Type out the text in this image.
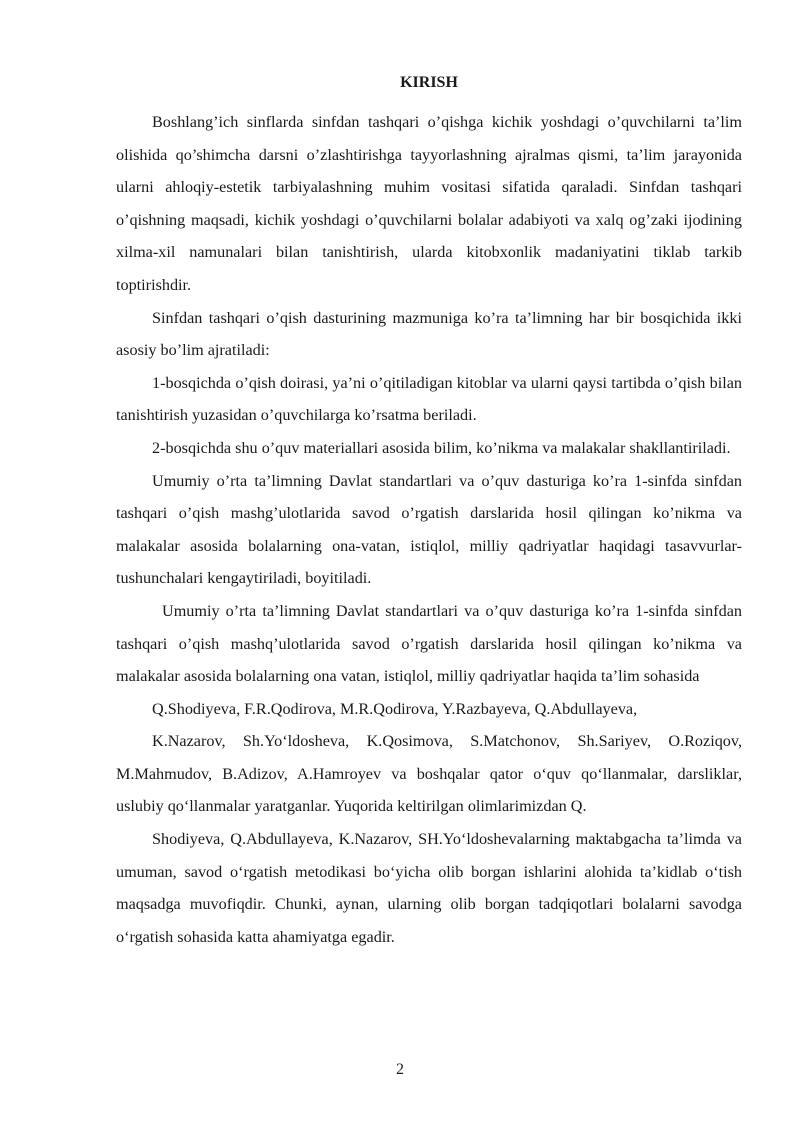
KIRISH

Boshlang’ich sinflarda sinfdan tashqari o’qishga kichik yoshdagi o’quvchilarni ta’lim olishida qo’shimcha darsni o’zlashtirishga tayyorlashning ajralmas qismi, ta’lim jarayonida ularni ahloqiy-estetik tarbiyalashning muhim vositasi sifatida qaraladi. Sinfdan tashqari o’qishning maqsadi, kichik yoshdagi o’quvchilarni bolalar adabiyoti va xalq og’zaki ijodining xilma-xil namunalari bilan tanishtirish, ularda kitobxonlik madaniyatini tiklab tarkib toptirishdir.

Sinfdan tashqari o’qish dasturining mazmuniga ko’ra ta’limning har bir bosqichida ikki asosiy bo’lim ajratiladi:

1-bosqichda o’qish doirasi, ya’ni o’qitiladigan kitoblar va ularni qaysi tartibda o’qish bilan tanishtirish yuzasidan o’quvchilarga ko’rsatma beriladi.

2-bosqichda shu o’quv materiallari asosida bilim, ko’nikma va malakalar shakllantiriladi.

Umumiy o’rta ta’limning Davlat standartlari va o’quv dasturiga ko’ra 1-sinfda sinfdan tashqari o’qish mashg’ulotlarida savod o’rgatish darslarida hosil qilingan ko’nikma va malakalar asosida bolalarning ona-vatan, istiqlol, milliy qadriyatlar haqidagi tasavvurlar-tushunchalari kengaytiriladi, boyitiladi.

Umumiy o’rta ta’limning Davlat standartlari va o’quv dasturiga ko’ra 1-sinfda sinfdan tashqari o’qish mashq’ulotlarida savod o’rgatish darslarida hosil qilingan ko’nikma va malakalar asosida bolalarning ona vatan, istiqlol, milliy qadriyatlar haqida ta’lim sohasida

Q.Shodiyeva, F.R.Qodirova, M.R.Qodirova, Y.Razbayeva, Q.Abdullayeva,

K.Nazarov, Sh.Yo‘ldosheva, K.Qosimova, S.Matchonov, Sh.Sariyev, O.Roziqov, M.Mahmudov, B.Adizov, A.Hamroyev va boshqalar qator o‘quv qo‘llanmalar, darsliklar, uslubiy qo‘llanmalar yaratganlar. Yuqorida keltirilgan olimlarimizdan Q.

Shodiyeva, Q.Abdullayeva, K.Nazarov, SH.Yo‘ldoshevalarning maktabgacha ta’limda va umuman, savod o‘rgatish metodikasi bo‘yicha olib borgan ishlarini alohida ta’kidlab o‘tish maqsadga muvofiqdir. Chunki, aynan, ularning olib borgan tadqiqotlari bolalarni savodga o‘rgatish sohasida katta ahamiyatga egadir.

2
